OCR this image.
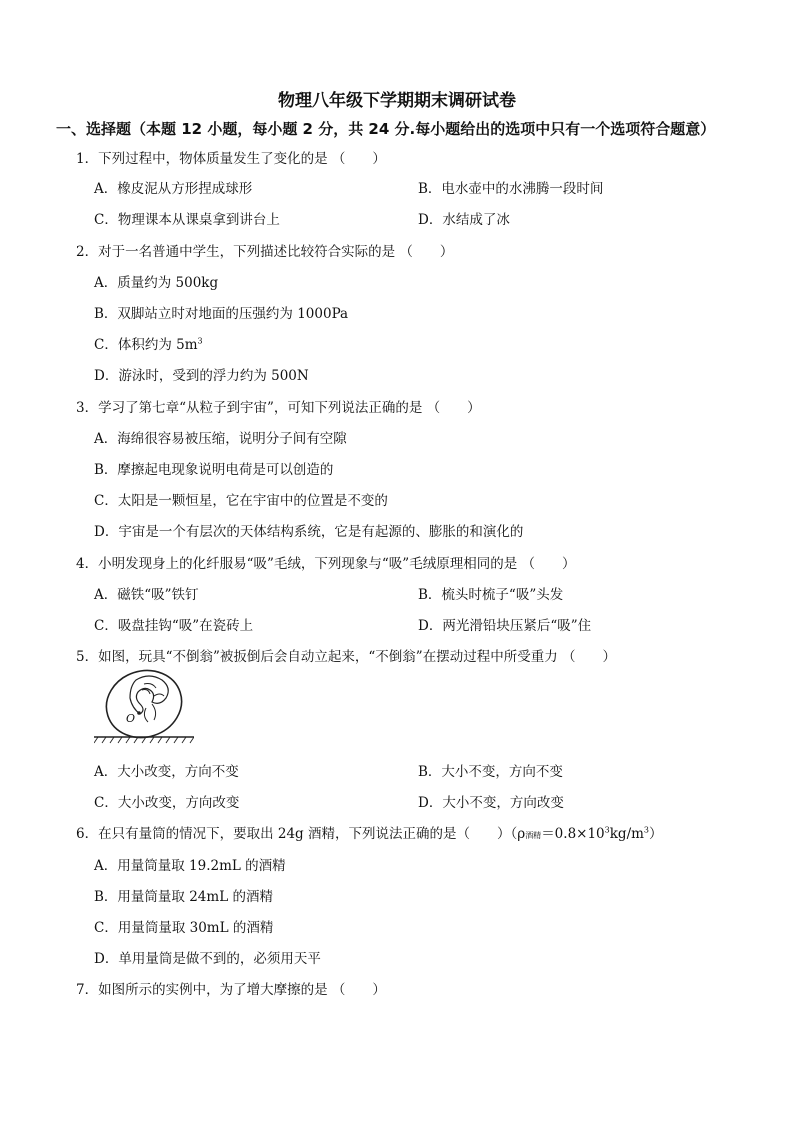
物理八年级下学期期末调研试卷
一、选择题（本题 12 小题，每小题 2 分，共 24 分.每小题给出的选项中只有一个选项符合题意）
1．下列过程中，物体质量发生了变化的是 （　　）
A．橡皮泥从方形捏成球形	B．电水壶中的水沸腾一段时间
C．物理课本从课桌拿到讲台上	D．水结成了冰
2．对于一名普通中学生，下列描述比较符合实际的是 （　　）
A．质量约为 500kg
B．双脚站立时对地面的压强约为 1000Pa
C．体积约为 $5m^3$
D．游泳时，受到的浮力约为 500N
3．学习了第七章“从粒子到宇宙”，可知下列说法正确的是 （　　）
A．海绵很容易被压缩，说明分子间有空隙
B．摩擦起电现象说明电荷是可以创造的
C．太阳是一颗恒星，它在宇宙中的位置是不变的
D．宇宙是一个有层次的天体结构系统，它是有起源的、膨胀的和演化的
4．小明发现身上的化纤服易“吸”毛绒，下列现象与“吸”毛绒原理相同的是 （　　）
A．磁铁“吸”铁钉	B．梳头时梳子“吸”头发
C．吸盘挂钩“吸”在瓷砖上	D．两光滑铅块压紧后“吸”住
5．如图，玩具“不倒翁”被扳倒后会自动立起来，“不倒翁”在摆动过程中所受重力 （　　）
O
A．大小改变，方向不变	B．大小不变，方向不变
C．大小改变，方向改变	D．大小不变，方向改变
6．在只有量筒的情况下，要取出 24g 酒精，下列说法正确的是（　　）（ρ酒精$=0.8\times 10^3kg/m^3$）
A．用量筒量取 19.2mL 的酒精
B．用量筒量取 24mL 的酒精
C．用量筒量取 30mL 的酒精
D．单用量筒是做不到的，必须用天平
7．如图所示的实例中，为了增大摩擦的是 （　　）
